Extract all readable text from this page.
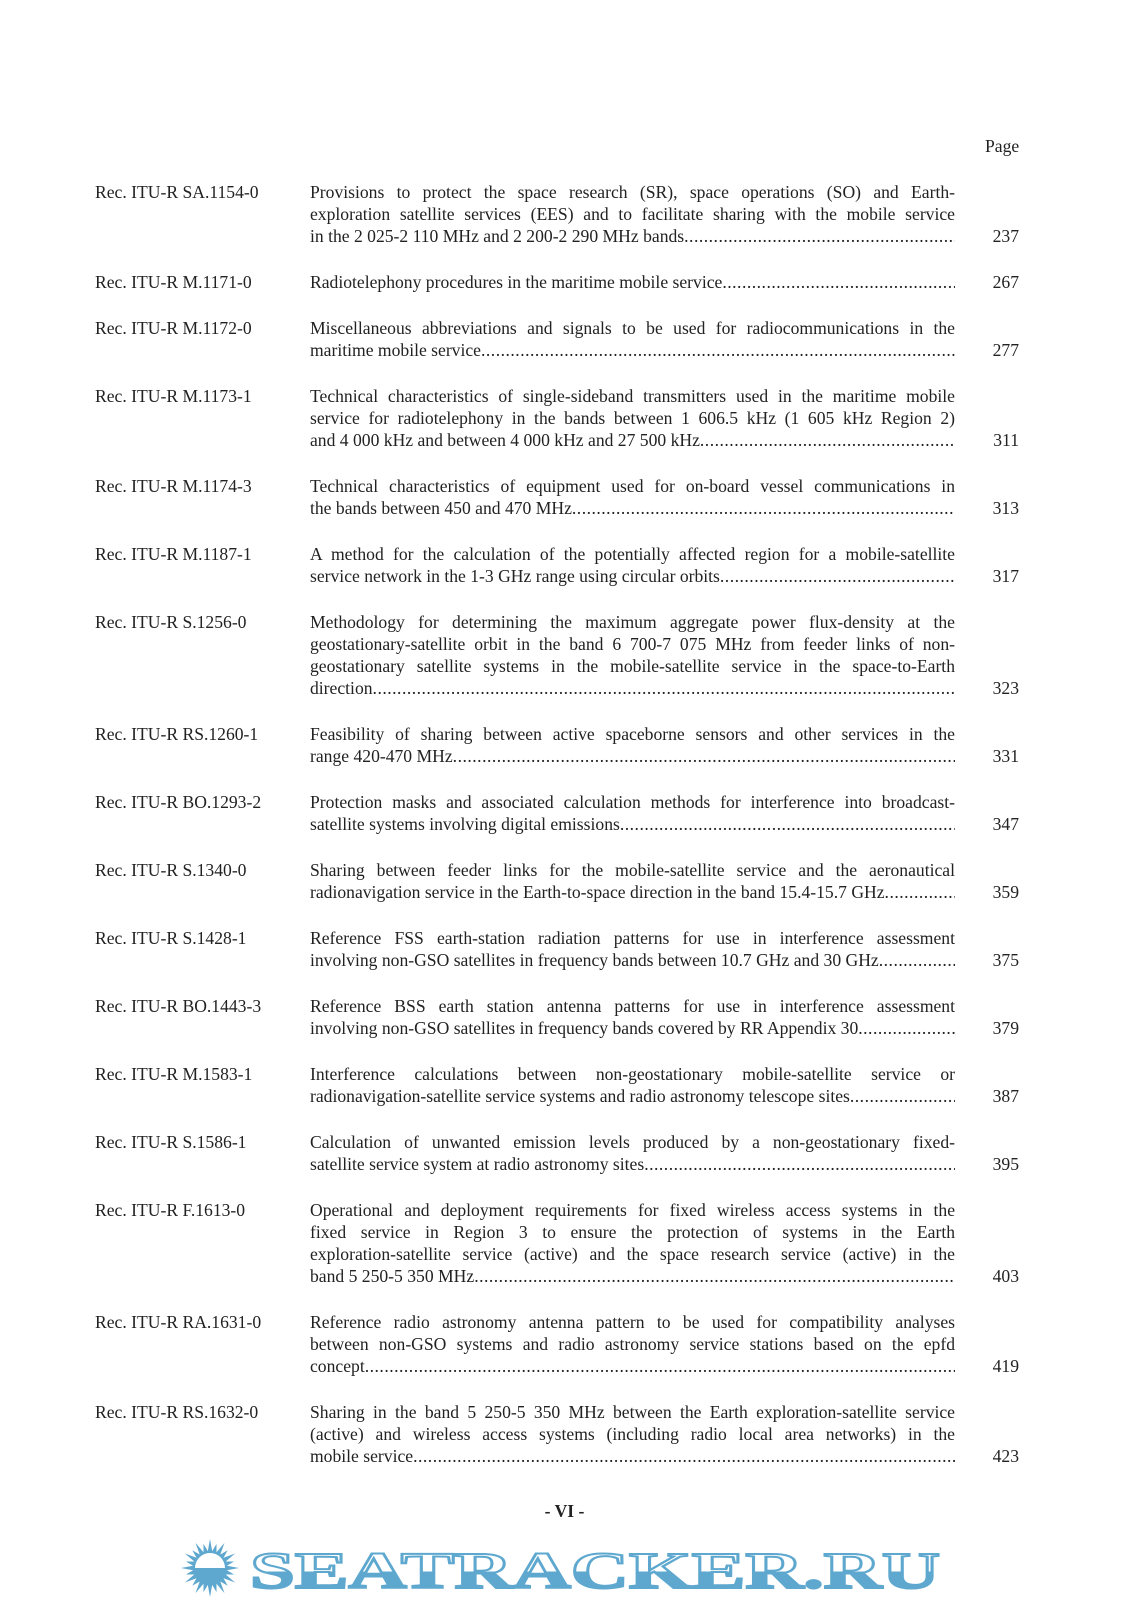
Page
Rec. ITU-R SA.1154-0	Provisions to protect the space research (SR), space operations (SO) and Earth-
exploration satellite services (EES) and to facilitate sharing with the mobile service
in the 2 025-2 110 MHz and 2 200-2 290 MHz bands .....	237
Rec. ITU-R M.1171-0	Radiotelephony procedures in the maritime mobile service .....	267
Rec. ITU-R M.1172-0	Miscellaneous abbreviations and signals to be used for radiocommunications in the
maritime mobile service .....	277
Rec. ITU-R M.1173-1	Technical characteristics of single-sideband transmitters used in the maritime mobile
service for radiotelephony in the bands between 1 606.5 kHz (1 605 kHz Region 2)
and 4 000 kHz and between 4 000 kHz and 27 500 kHz .....	311
Rec. ITU-R M.1174-3	Technical characteristics of equipment used for on-board vessel communications in
the bands between 450 and 470 MHz .....	313
Rec. ITU-R M.1187-1	A method for the calculation of the potentially affected region for a mobile-satellite
service network in the 1-3 GHz range using circular orbits .....	317
Rec. ITU-R S.1256-0	Methodology for determining the maximum aggregate power flux-density at the
geostationary-satellite orbit in the band 6 700-7 075 MHz from feeder links of non-
geostationary satellite systems in the mobile-satellite service in the space-to-Earth
direction .....	323
Rec. ITU-R RS.1260-1	Feasibility of sharing between active spaceborne sensors and other services in the
range 420-470 MHz .....	331
Rec. ITU-R BO.1293-2	Protection masks and associated calculation methods for interference into broadcast-
satellite systems involving digital emissions .....	347
Rec. ITU-R S.1340-0	Sharing between feeder links for the mobile-satellite service and the aeronautical
radionavigation service in the Earth-to-space direction in the band 15.4-15.7 GHz .....	359
Rec. ITU-R S.1428-1	Reference FSS earth-station radiation patterns for use in interference assessment
involving non-GSO satellites in frequency bands between 10.7 GHz and 30 GHz .....	375
Rec. ITU-R BO.1443-3	Reference BSS earth station antenna patterns for use in interference assessment
involving non-GSO satellites in frequency bands covered by RR Appendix 30 .....	379
Rec. ITU-R M.1583-1	Interference calculations between non-geostationary mobile-satellite service or
radionavigation-satellite service systems and radio astronomy telescope sites .....	387
Rec. ITU-R S.1586-1	Calculation of unwanted emission levels produced by a non-geostationary fixed-
satellite service system at radio astronomy sites .....	395
Rec. ITU-R F.1613-0	Operational and deployment requirements for fixed wireless access systems in the
fixed service in Region 3 to ensure the protection of systems in the Earth
exploration-satellite service (active) and the space research service (active) in the
band 5 250-5 350 MHz .....	403
Rec. ITU-R RA.1631-0	Reference radio astronomy antenna pattern to be used for compatibility analyses
between non-GSO systems and radio astronomy service stations based on the epfd
concept .....	419
Rec. ITU-R RS.1632-0	Sharing in the band 5 250-5 350 MHz between the Earth exploration-satellite service
(active) and wireless access systems (including radio local area networks) in the
mobile service .....	423
- VI -
SEATRACKER.RU
